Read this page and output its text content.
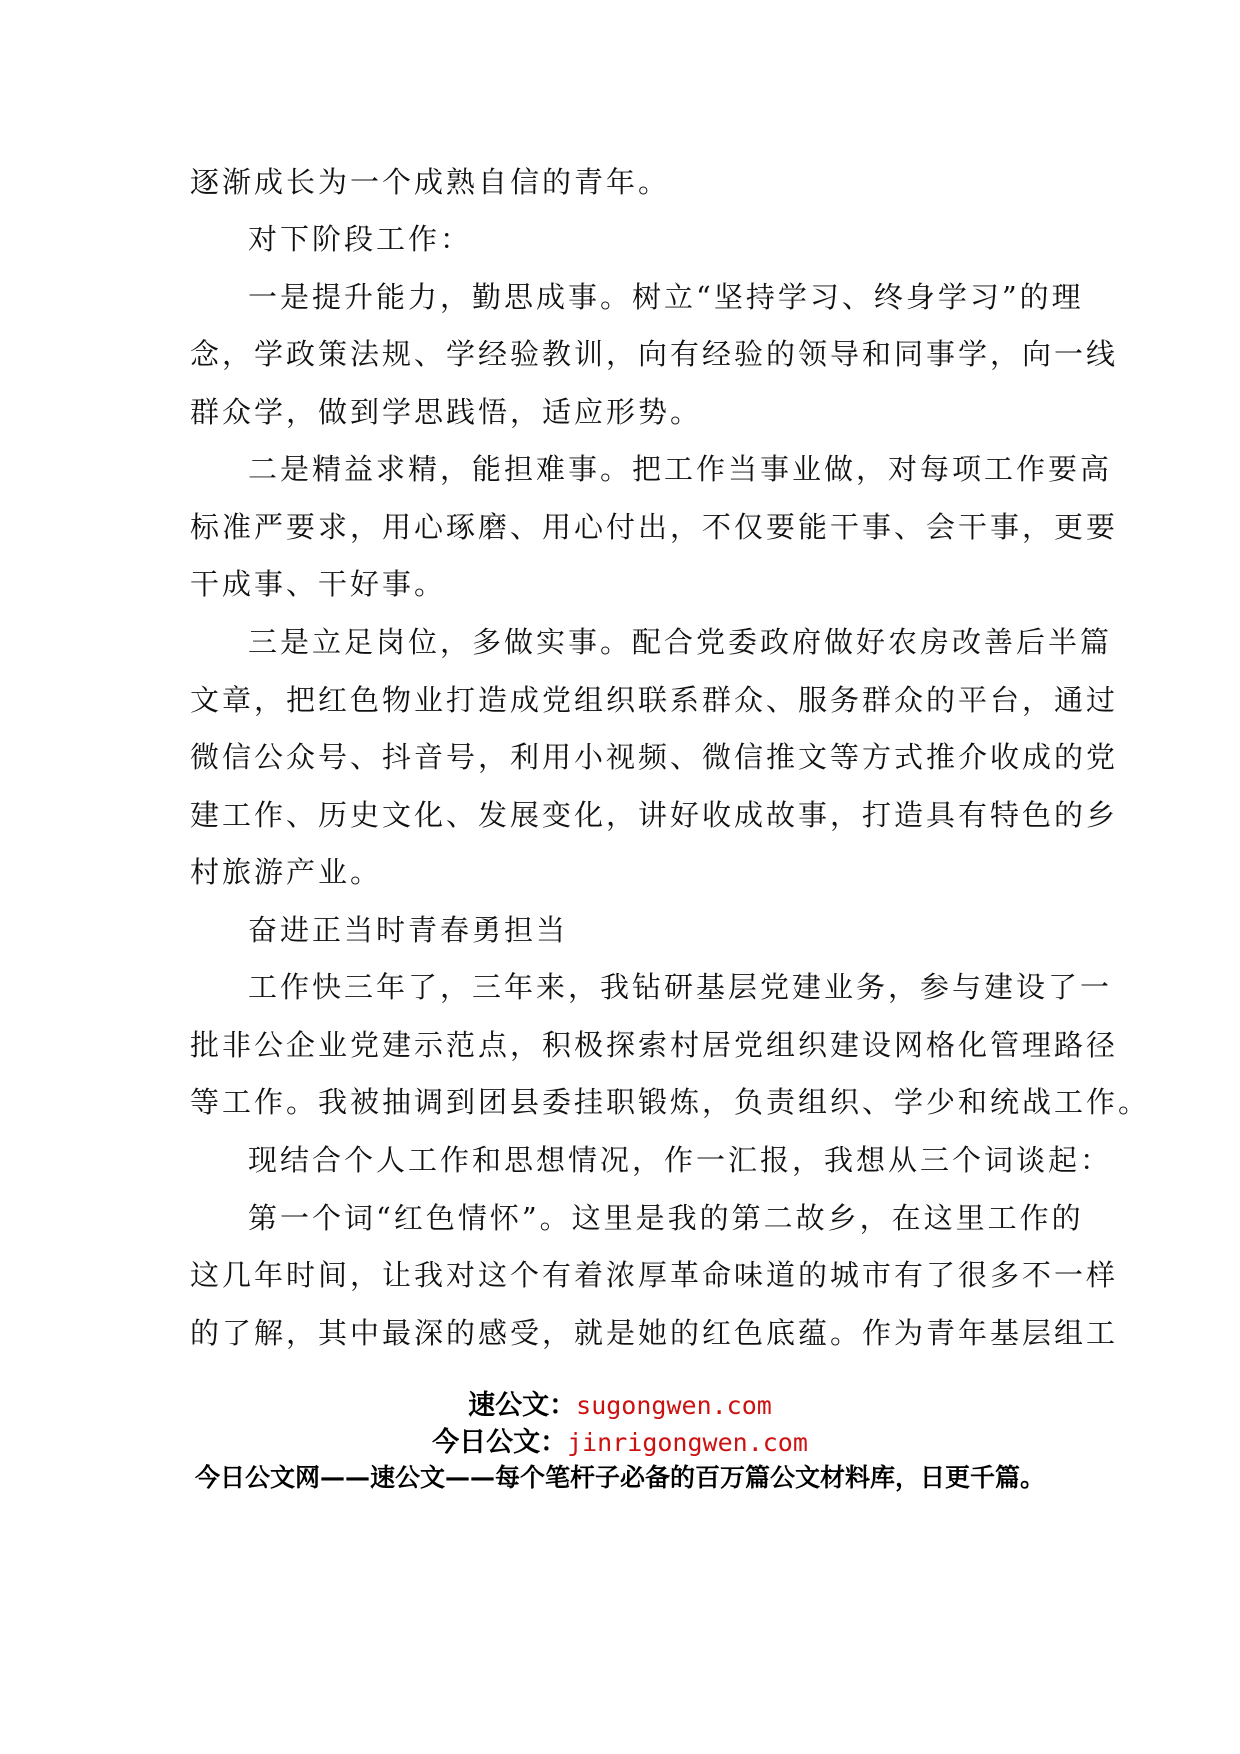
逐渐成长为一个成熟自信的青年。
对下阶段工作：
一是提升能力，勤思成事。树立“坚持学习、终身学习”的理
念，学政策法规、学经验教训，向有经验的领导和同事学，向一线
群众学，做到学思践悟，适应形势。
二是精益求精，能担难事。把工作当事业做，对每项工作要高
标准严要求，用心琢磨、用心付出，不仅要能干事、会干事，更要
干成事、干好事。
三是立足岗位，多做实事。配合党委政府做好农房改善后半篇
文章，把红色物业打造成党组织联系群众、服务群众的平台，通过
微信公众号、抖音号，利用小视频、微信推文等方式推介收成的党
建工作、历史文化、发展变化，讲好收成故事，打造具有特色的乡
村旅游产业。
奋进正当时青春勇担当
工作快三年了，三年来，我钻研基层党建业务，参与建设了一
批非公企业党建示范点，积极探索村居党组织建设网格化管理路径
等工作。我被抽调到团县委挂职锻炼，负责组织、学少和统战工作。
现结合个人工作和思想情况，作一汇报，我想从三个词谈起：
第一个词“红色情怀”。这里是我的第二故乡，在这里工作的
这几年时间，让我对这个有着浓厚革命味道的城市有了很多不一样
的了解，其中最深的感受，就是她的红色底蕴。作为青年基层组工
速公文：sugongwen.com
今日公文：jinrigongwen.com
今日公文网——速公文——每个笔杆子必备的百万篇公文材料库，日更千篇。
